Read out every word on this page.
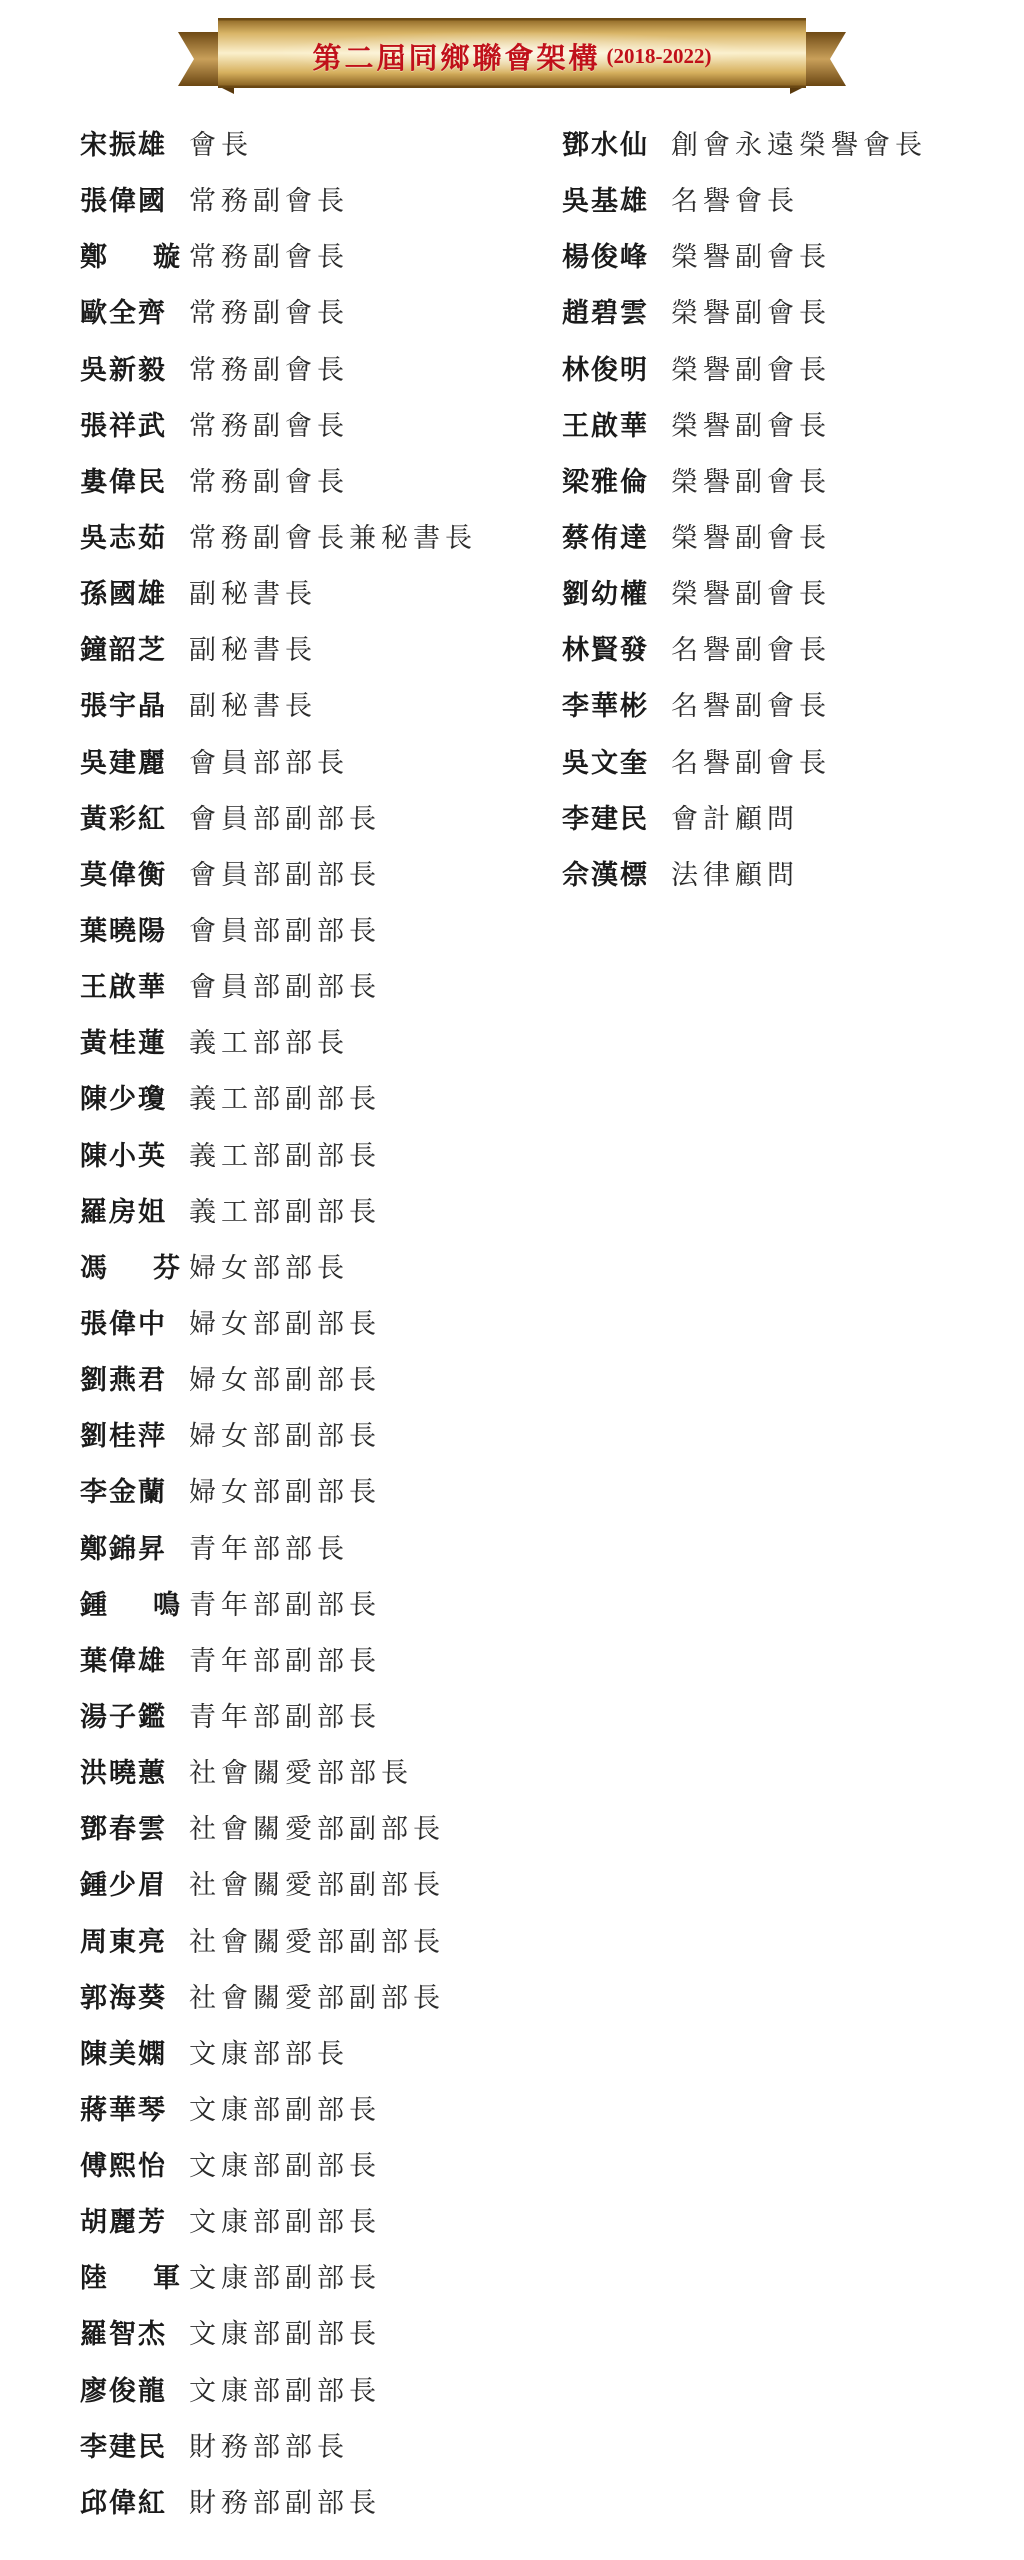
第二屆同鄉聯會架構 (2018-2022)
宋振雄 會長
張偉國 常務副會長
鄭　璇 常務副會長
歐全齊 常務副會長
吳新毅 常務副會長
張祥武 常務副會長
婁偉民 常務副會長
吳志茹 常務副會長兼秘書長
孫國雄 副秘書長
鐘韶芝 副秘書長
張宇晶 副秘書長
吳建麗 會員部部長
黃彩紅 會員部副部長
莫偉衡 會員部副部長
葉曉陽 會員部副部長
王啟華 會員部副部長
黃桂蓮 義工部部長
陳少瓊 義工部副部長
陳小英 義工部副部長
羅房姐 義工部副部長
馮　芬 婦女部部長
張偉中 婦女部副部長
劉燕君 婦女部副部長
劉桂萍 婦女部副部長
李金蘭 婦女部副部長
鄭錦昇 青年部部長
鍾　鳴 青年部副部長
葉偉雄 青年部副部長
湯子鑑 青年部副部長
洪曉蕙 社會關愛部部長
鄧春雲 社會關愛部副部長
鍾少眉 社會關愛部副部長
周東亮 社會關愛部副部長
郭海葵 社會關愛部副部長
陳美嫻 文康部部長
蔣華琴 文康部副部長
傅熙怡 文康部副部長
胡麗芳 文康部副部長
陸　軍 文康部副部長
羅智杰 文康部副部長
廖俊龍 文康部副部長
李建民 財務部部長
邱偉紅 財務部副部長
鄧水仙 創會永遠榮譽會長
吳基雄 名譽會長
楊俊峰 榮譽副會長
趙碧雲 榮譽副會長
林俊明 榮譽副會長
王啟華 榮譽副會長
梁雅倫 榮譽副會長
蔡侑達 榮譽副會長
劉幼權 榮譽副會長
林賢發 名譽副會長
李華彬 名譽副會長
吳文奎 名譽副會長
李建民 會計顧問
佘漢標 法律顧問
